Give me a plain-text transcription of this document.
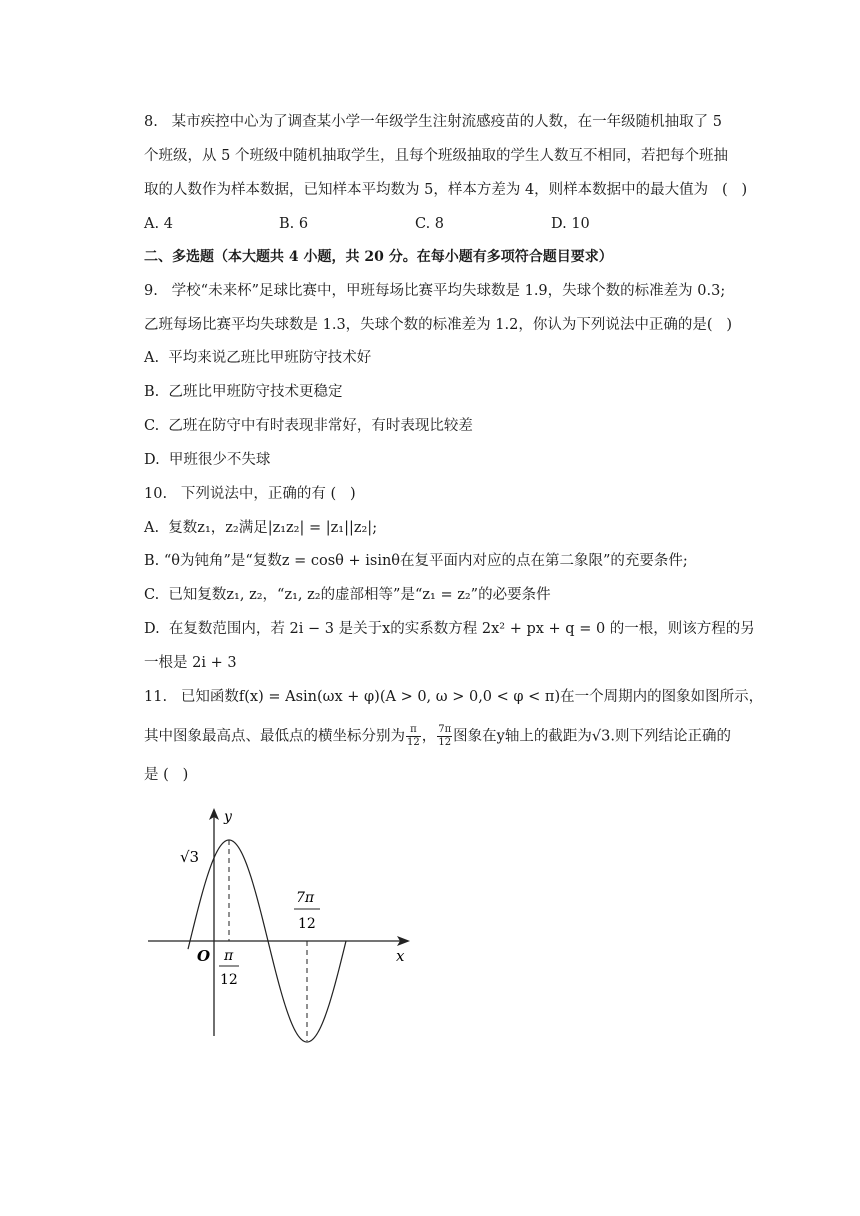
8.   某市疾控中心为了调查某小学一年级学生注射流感疫苗的人数，在一年级随机抽取了 5
个班级，从 5 个班级中随机抽取学生，且每个班级抽取的学生人数互不相同，若把每个班抽
取的人数作为样本数据，已知样本平均数为 5，样本方差为 4，则样本数据中的最大值为   (   )
A. 4	B. 6	C. 8	D. 10
二、多选题（本大题共 4 小题，共 20 分。在每小题有多项符合题目要求）
9.   学校“未来杯”足球比赛中，甲班每场比赛平均失球数是 1.9，失球个数的标准差为 0.3;
乙班每场比赛平均失球数是 1.3，失球个数的标准差为 1.2，你认为下列说法中正确的是(   )
A.  平均来说乙班比甲班防守技术好
B.  乙班比甲班防守技术更稳定
C.  乙班在防守中有时表现非常好，有时表现比较差
D.  甲班很少不失球
10.   下列说法中，正确的有 (   )
A.  复数z₁，z₂满足|z₁z₂| = |z₁||z₂|;
B. “θ为钝角”是“复数z = cosθ + isinθ在复平面内对应的点在第二象限”的充要条件;
C.  已知复数z₁, z₂，“z₁, z₂的虚部相等”是“z₁ = z₂”的必要条件
D.  在复数范围内，若 2i − 3 是关于x的实系数方程 2x² + px + q = 0 的一根，则该方程的另
一根是 2i + 3
11.   已知函数f(x) = Asin(ωx + φ)(A > 0, ω > 0,0 < φ < π)在一个周期内的图象如图所示，
其中图象最高点、最低点的横坐标分别为 $\frac{\pi}{12}$ ， $\frac{7\pi}{12}$ 图象在y轴上的截距为√3.则下列结论正确的
是 (   )
y
x
O
√3
π
12
7π
12
